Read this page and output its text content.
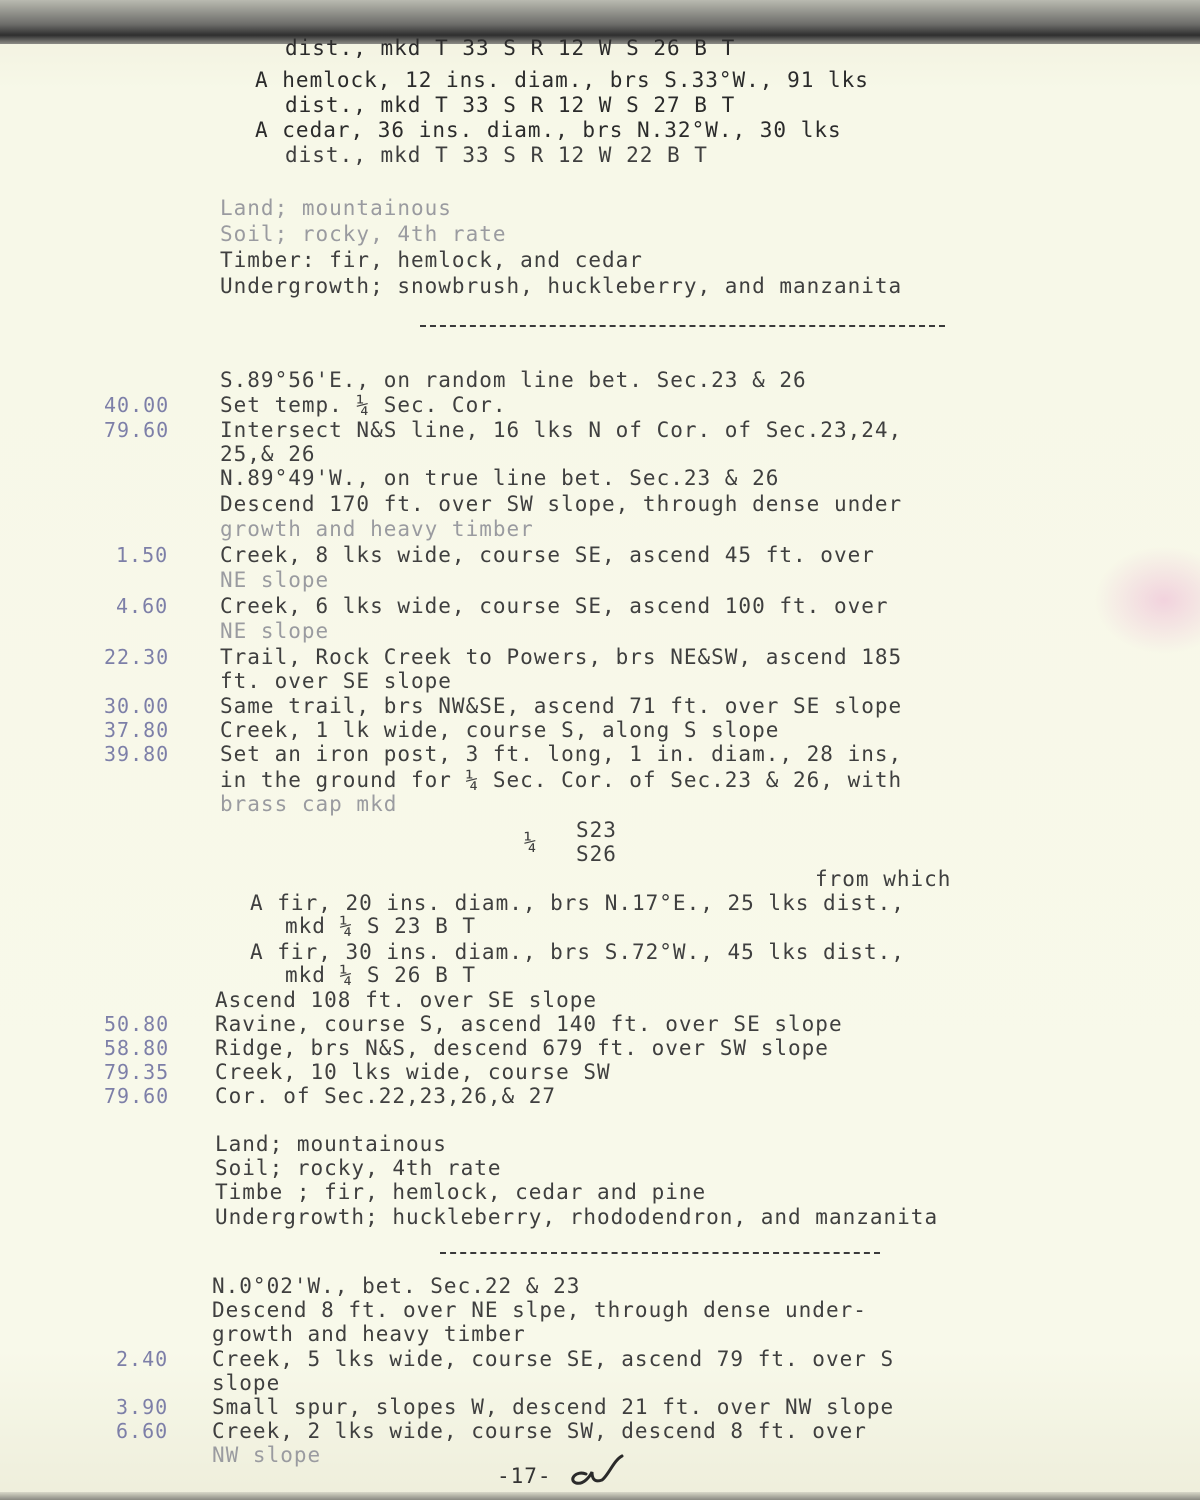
dist., mkd T 33 S R 12 W S 26 B T
A hemlock, 12 ins. diam., brs S.33°W., 91 lks
dist., mkd T 33 S R 12 W S 27 B T
A cedar, 36 ins. diam., brs N.32°W., 30 lks
dist., mkd T 33 S R 12 W 22 B T
Land; mountainous
Soil; rocky, 4th rate
Timber: fir, hemlock, and cedar
Undergrowth; snowbrush, huckleberry, and manzanita
S.89°56'E., on random line bet. Sec.23 & 26
40.00 Set temp. ¼ Sec. Cor.
79.60 Intersect N&S line, 16 lks N of Cor. of Sec.23,24,
25,& 26
N.89°49'W., on true line bet. Sec.23 & 26
Descend 170 ft. over SW slope, through dense under
growth and heavy timber
1.50 Creek, 8 lks wide, course SE, ascend 45 ft. over
NE slope
4.60 Creek, 6 lks wide, course SE, ascend 100 ft. over
NE slope
22.30 Trail, Rock Creek to Powers, brs NE&SW, ascend 185
ft. over SE slope
30.00 Same trail, brs NW&SE, ascend 71 ft. over SE slope
37.80 Creek, 1 lk wide, course S, along S slope
39.80 Set an iron post, 3 ft. long, 1 in. diam., 28 ins,
in the ground for ¼ Sec. Cor. of Sec.23 & 26, with
brass cap mkd
¼ S23
S26
from which
A fir, 20 ins. diam., brs N.17°E., 25 lks dist.,
mkd ¼ S 23 B T
A fir, 30 ins. diam., brs S.72°W., 45 lks dist.,
mkd ¼ S 26 B T
Ascend 108 ft. over SE slope
50.80 Ravine, course S, ascend 140 ft. over SE slope
58.80 Ridge, brs N&S, descend 679 ft. over SW slope
79.35 Creek, 10 lks wide, course SW
79.60 Cor. of Sec.22,23,26,& 27
Land; mountainous
Soil; rocky, 4th rate
Timbe ; fir, hemlock, cedar and pine
Undergrowth; huckleberry, rhododendron, and manzanita
N.0°02'W., bet. Sec.22 & 23
Descend 8 ft. over NE slpe, through dense under-
growth and heavy timber
2.40 Creek, 5 lks wide, course SE, ascend 79 ft. over S
slope
3.90 Small spur, slopes W, descend 21 ft. over NW slope
6.60 Creek, 2 lks wide, course SW, descend 8 ft. over
NW slope
-17-
